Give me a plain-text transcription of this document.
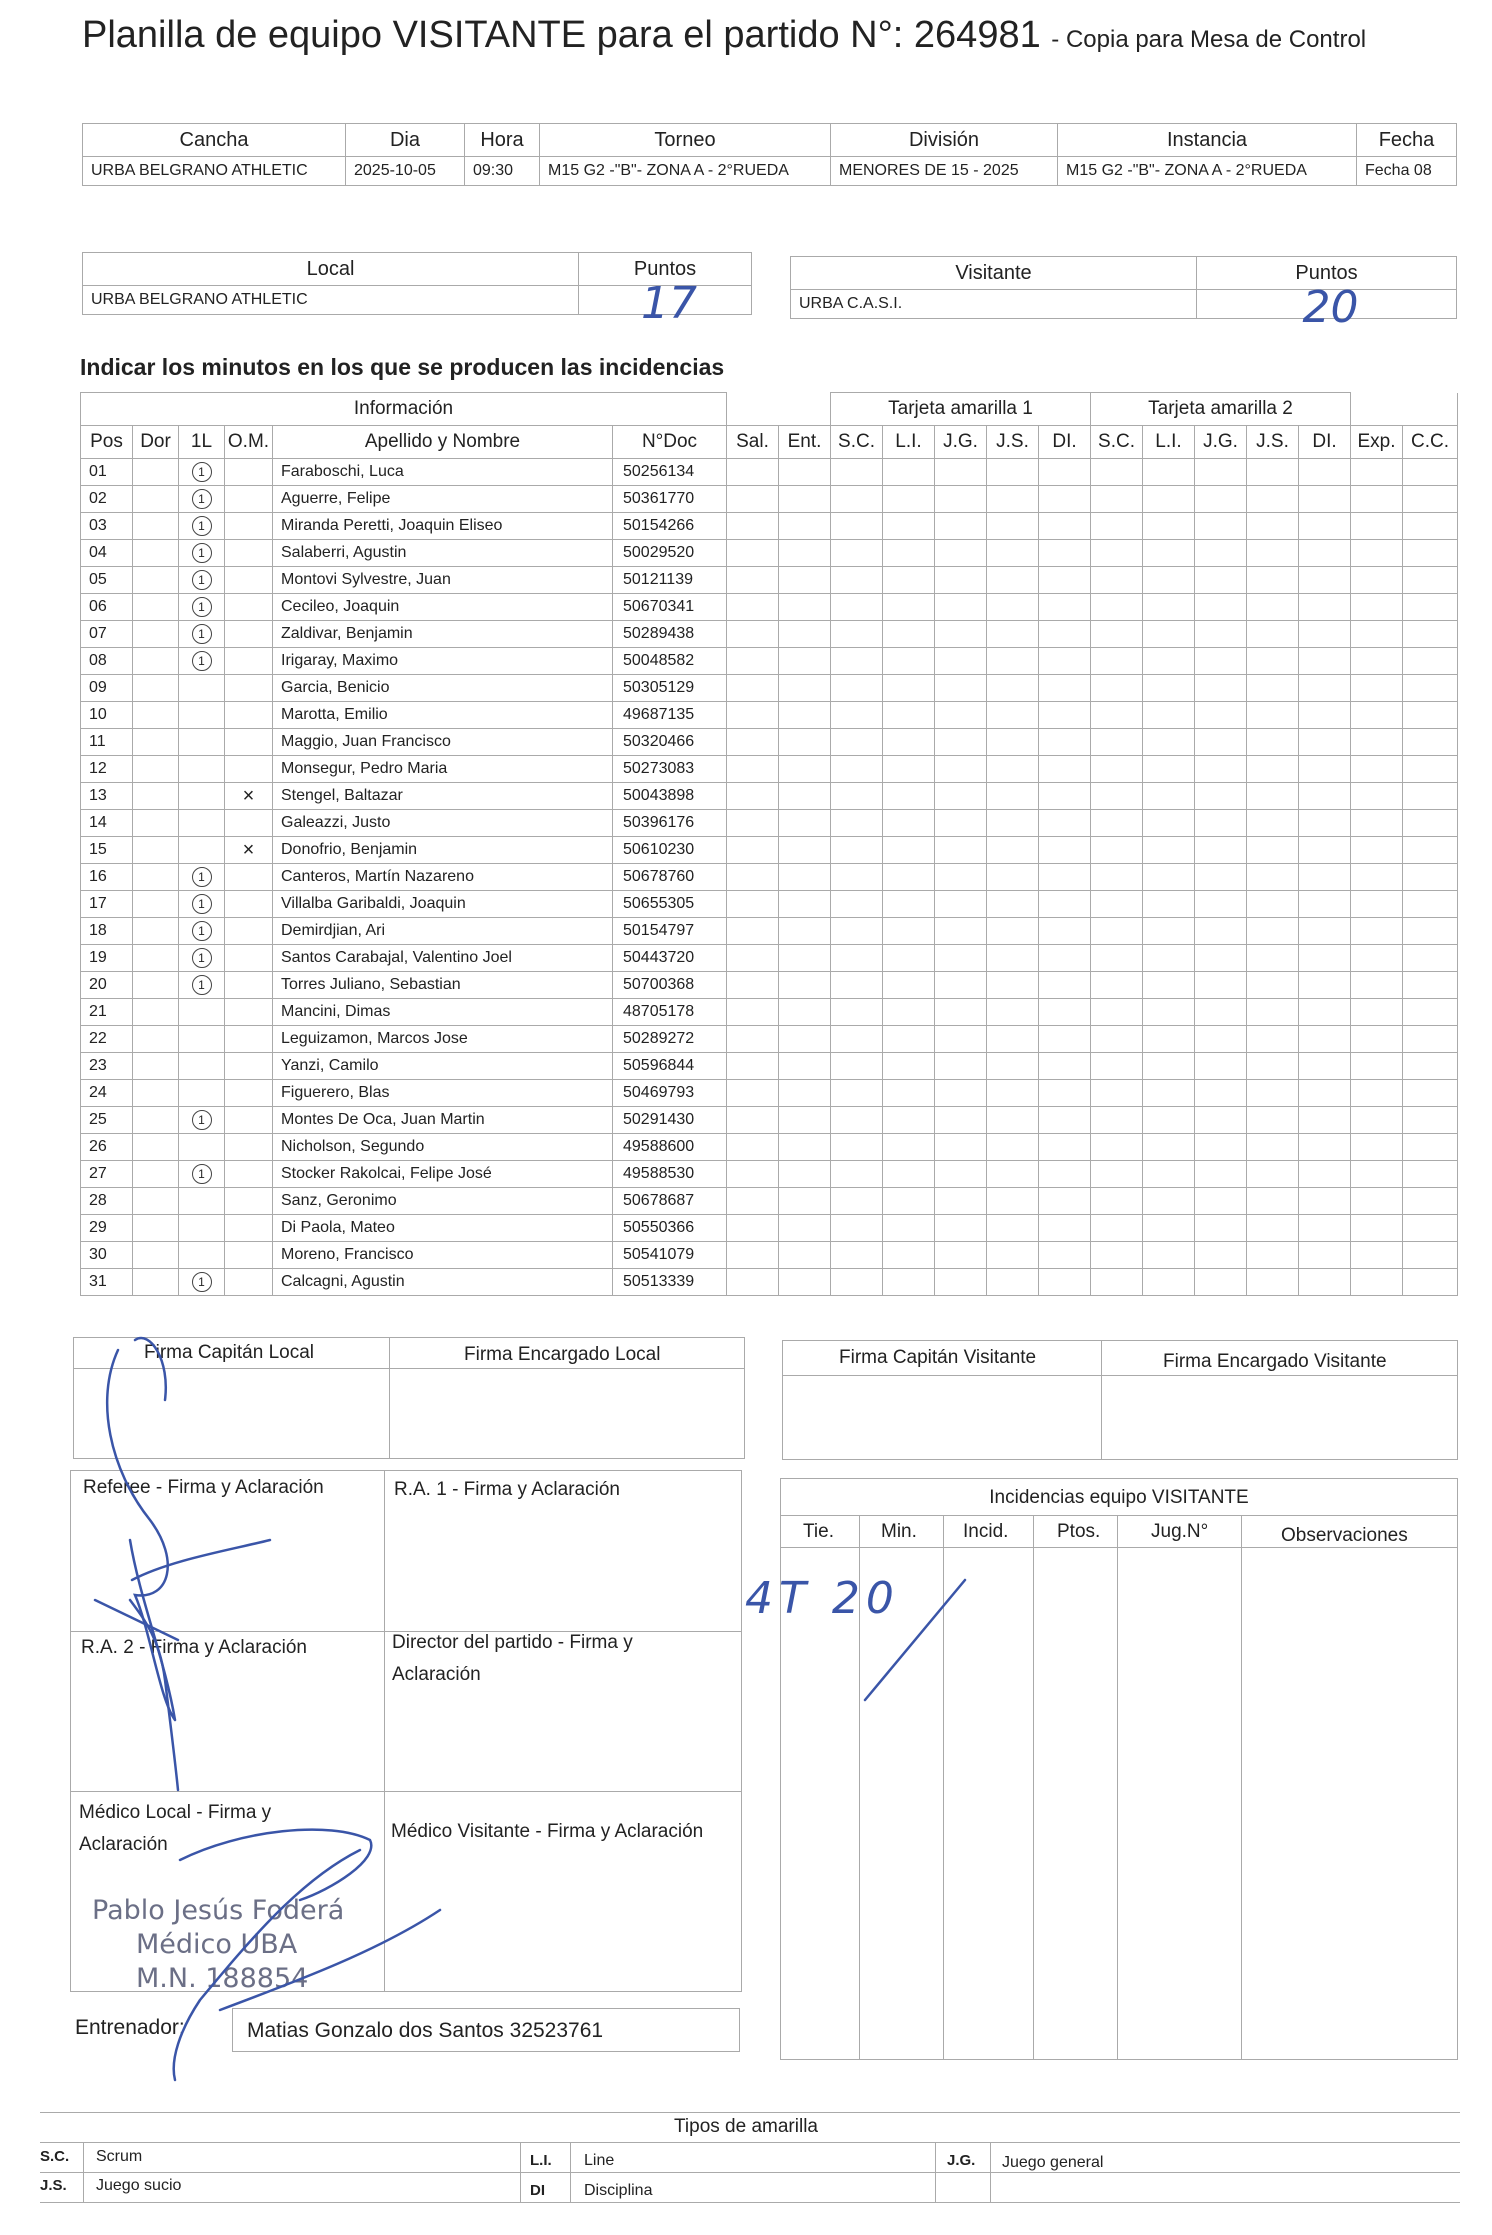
Planilla de equipo VISITANTE para el partido N°: 264981 - Copia para Mesa de Control
Cancha	Dia	Hora	Torneo	División	Instancia	Fecha
URBA BELGRANO ATHLETIC	2025-10-05	09:30	M15 G2 -"B"- ZONA A - 2°RUEDA	MENORES DE 15 - 2025	M15 G2 -"B"- ZONA A - 2°RUEDA	Fecha 08
Local	Puntos
URBA BELGRANO ATHLETIC	17
Visitante	Puntos
URBA C.A.S.I.	20
Indicar los minutos en los que se producen las incidencias
Información								Tarjeta amarilla 1					Tarjeta amarilla 2						
Pos	Dor	1L	O.M.	Apellido y Nombre	N°Doc	Sal.	Ent.	S.C.	L.I.	J.G.	J.S.	DI.	S.C.	L.I.	J.G.	J.S.	DI.	Exp.	C.C.
01		1		Faraboschi, Luca	50256134														
02		1		Aguerre, Felipe	50361770														
03		1		Miranda Peretti, Joaquin Eliseo	50154266														
04		1		Salaberri, Agustin	50029520														
05		1		Montovi Sylvestre, Juan	50121139														
06		1		Cecileo, Joaquin	50670341														
07		1		Zaldivar, Benjamin	50289438														
08		1		Irigaray, Maximo	50048582														
09				Garcia, Benicio	50305129														
10				Marotta, Emilio	49687135														
11				Maggio, Juan Francisco	50320466														
12				Monsegur, Pedro Maria	50273083														
13			×	Stengel, Baltazar	50043898														
14				Galeazzi, Justo	50396176														
15			×	Donofrio, Benjamin	50610230														
16		1		Canteros, Martín Nazareno	50678760														
17		1		Villalba Garibaldi, Joaquin	50655305														
18		1		Demirdjian, Ari	50154797														
19		1		Santos Carabajal, Valentino Joel	50443720														
20		1		Torres Juliano, Sebastian	50700368														
21				Mancini, Dimas	48705178														
22				Leguizamon, Marcos Jose	50289272														
23				Yanzi, Camilo	50596844														
24				Figuerero, Blas	50469793														
25		1		Montes De Oca, Juan Martin	50291430														
26				Nicholson, Segundo	49588600														
27		1		Stocker Rakolcai, Felipe José	49588530														
28				Sanz, Geronimo	50678687														
29				Di Paola, Mateo	50550366														
30				Moreno, Francisco	50541079														
31		1		Calcagni, Agustin	50513339														
Firma Capitán Local	Firma Encargado Local	Firma Capitán Visitante	Firma Encargado Visitante
Referee - Firma y Aclaración	R.A. 1 - Firma y Aclaración
R.A. 2 - Firma y Aclaración	Director del partido - Firma y Aclaración
Médico Local - Firma y Aclaración
Médico Visitante - Firma y Aclaración
Pablo Jesús Foderá
Médico UBA
M.N. 188854
Entrenador:	Matias Gonzalo dos Santos 32523761
Incidencias equipo VISITANTE
Tie. Min. Incid.	Ptos.	Jug.N°	Observaciones
4T 20
Tipos de amarilla
S.C. Scrum	L.I. Line	J.G. Juego general
J.S. Juego sucio	DI Disciplina
